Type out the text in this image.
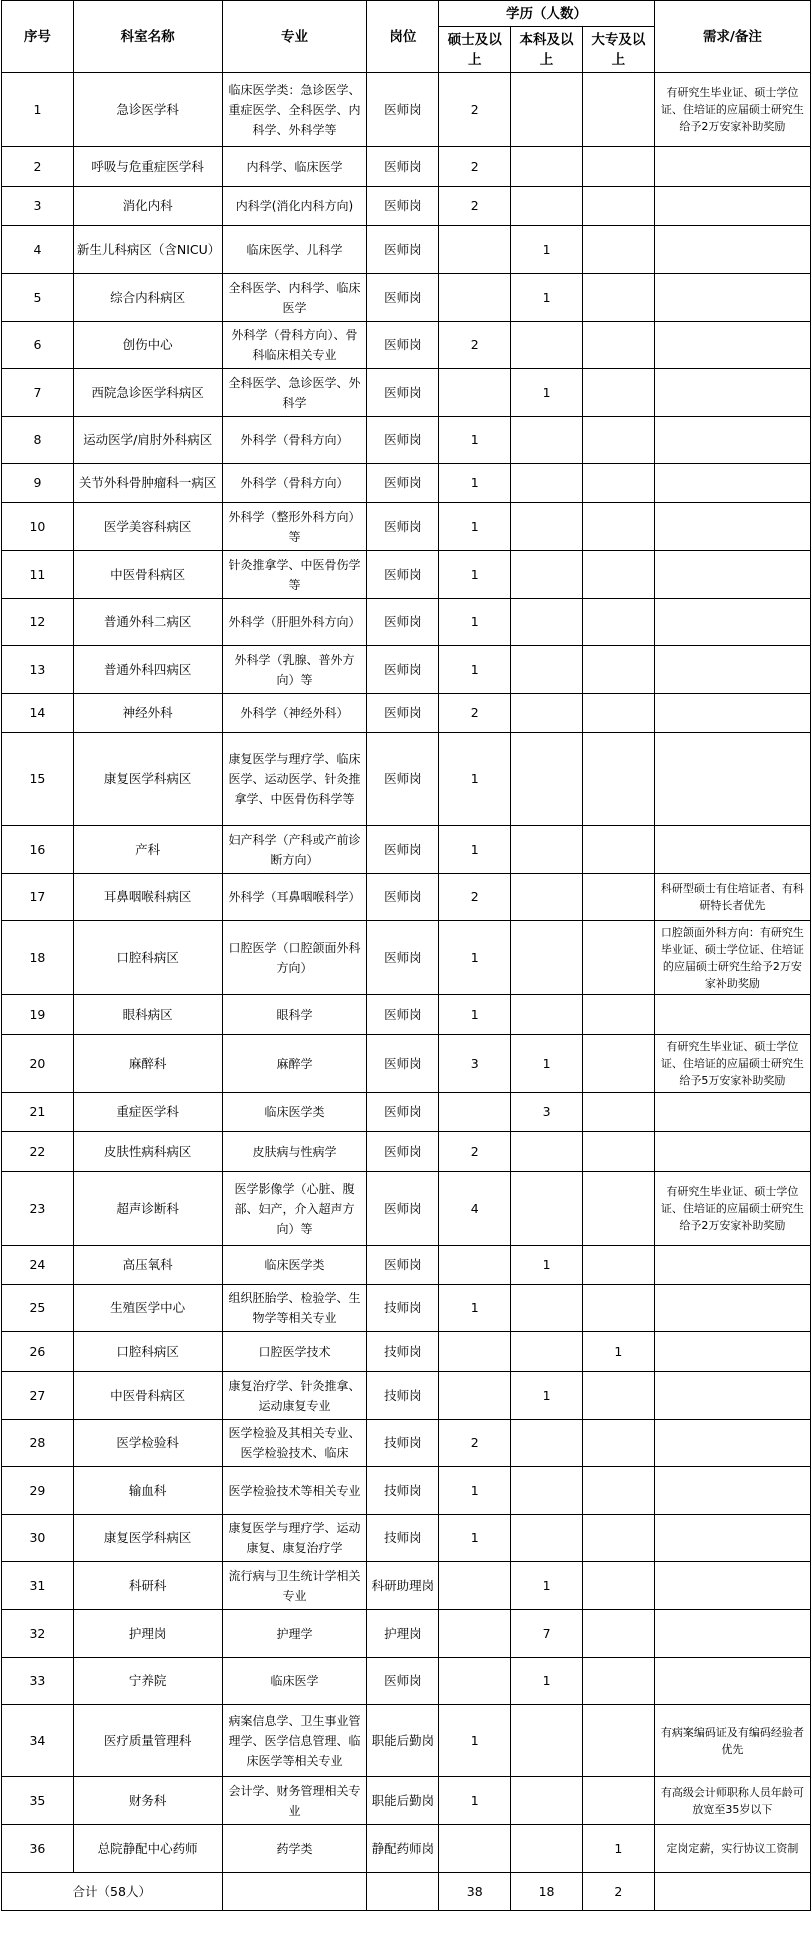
序号	科室名称	专业	岗位	学历（人数）			需求/备注
				硕士及以上	本科及以上	大专及以上	
1	急诊医学科	临床医学类：急诊医学、重症医学、全科医学、内科学、外科学等	医师岗	2			有研究生毕业证、硕士学位证、住培证的应届硕士研究生给予2万安家补助奖励
2	呼吸与危重症医学科	内科学、临床医学	医师岗	2			
3	消化内科	内科学(消化内科方向)	医师岗	2			
4	新生儿科病区（含NICU）	临床医学、儿科学	医师岗		1		
5	综合内科病区	全科医学、内科学、临床医学	医师岗		1		
6	创伤中心	外科学（骨科方向）、骨科临床相关专业	医师岗	2			
7	西院急诊医学科病区	全科医学、急诊医学、外科学	医师岗		1		
8	运动医学/肩肘外科病区	外科学（骨科方向）	医师岗	1			
9	关节外科骨肿瘤科一病区	外科学（骨科方向）	医师岗	1			
10	医学美容科病区	外科学（整形外科方向）等	医师岗	1			
11	中医骨科病区	针灸推拿学、中医骨伤学等	医师岗	1			
12	普通外科二病区	外科学（肝胆外科方向）	医师岗	1			
13	普通外科四病区	外科学（乳腺、普外方向）等	医师岗	1			
14	神经外科	外科学（神经外科）	医师岗	2			
15	康复医学科病区	康复医学与理疗学、临床医学、运动医学、针灸推拿学、中医骨伤科学等	医师岗	1			
16	产科	妇产科学（产科或产前诊断方向）	医师岗	1			
17	耳鼻咽喉科病区	外科学（耳鼻咽喉科学）	医师岗	2			科研型硕士有住培证者、有科研特长者优先
18	口腔科病区	口腔医学（口腔颌面外科方向）	医师岗	1			口腔颌面外科方向：有研究生毕业证、硕士学位证、住培证的应届硕士研究生给予2万安家补助奖励
19	眼科病区	眼科学	医师岗	1			
20	麻醉科	麻醉学	医师岗	3	1		有研究生毕业证、硕士学位证、住培证的应届硕士研究生给予5万安家补助奖励
21	重症医学科	临床医学类	医师岗		3		
22	皮肤性病科病区	皮肤病与性病学	医师岗	2			
23	超声诊断科	医学影像学（心脏、腹部、妇产，介入超声方向）等	医师岗	4			有研究生毕业证、硕士学位证、住培证的应届硕士研究生给予2万安家补助奖励
24	高压氧科	临床医学类	医师岗		1		
25	生殖医学中心	组织胚胎学、检验学、生物学等相关专业	技师岗	1			
26	口腔科病区	口腔医学技术	技师岗			1	
27	中医骨科病区	康复治疗学、针灸推拿、运动康复专业	技师岗		1		
28	医学检验科	医学检验及其相关专业、医学检验技术、临床	技师岗	2			
29	输血科	医学检验技术等相关专业	技师岗	1			
30	康复医学科病区	康复医学与理疗学、运动康复、康复治疗学	技师岗	1			
31	科研科	流行病与卫生统计学相关专业	科研助理岗		1		
32	护理岗	护理学	护理岗		7		
33	宁养院	临床医学	医师岗		1		
34	医疗质量管理科	病案信息学、卫生事业管理学、医学信息管理、临床医学等相关专业	职能后勤岗	1			有病案编码证及有编码经验者优先
35	财务科	会计学、财务管理相关专业	职能后勤岗	1			有高级会计师职称人员年龄可放宽至35岁以下
36	总院静配中心药师	药学类	静配药师岗			1	定岗定薪，实行协议工资制
合计（58人）				38	18	2	
